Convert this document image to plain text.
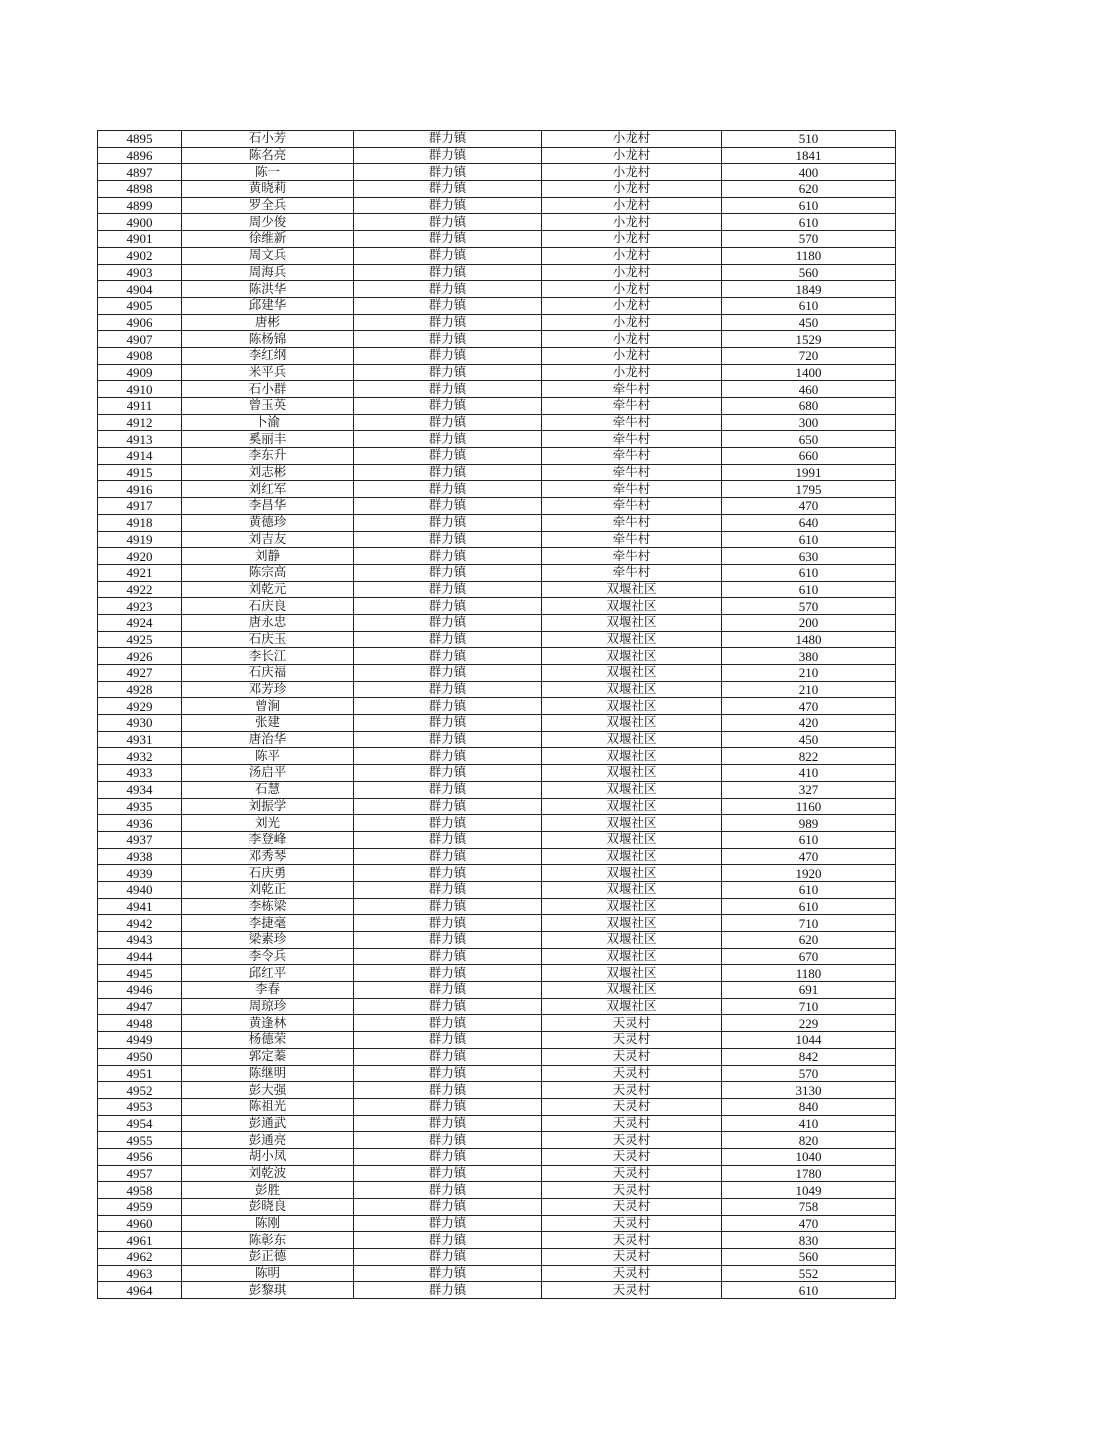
4895	石小芳	群力镇	小龙村	510
4896	陈名亮	群力镇	小龙村	1841
4897	陈一	群力镇	小龙村	400
4898	黄晓莉	群力镇	小龙村	620
4899	罗全兵	群力镇	小龙村	610
4900	周少俊	群力镇	小龙村	610
4901	徐维新	群力镇	小龙村	570
4902	周文兵	群力镇	小龙村	1180
4903	周海兵	群力镇	小龙村	560
4904	陈洪华	群力镇	小龙村	1849
4905	邱建华	群力镇	小龙村	610
4906	唐彬	群力镇	小龙村	450
4907	陈杨锦	群力镇	小龙村	1529
4908	李红纲	群力镇	小龙村	720
4909	米平兵	群力镇	小龙村	1400
4910	石小群	群力镇	牵牛村	460
4911	曾玉英	群力镇	牵牛村	680
4912	卜渝	群力镇	牵牛村	300
4913	奚丽丰	群力镇	牵牛村	650
4914	李东升	群力镇	牵牛村	660
4915	刘志彬	群力镇	牵牛村	1991
4916	刘红军	群力镇	牵牛村	1795
4917	李昌华	群力镇	牵牛村	470
4918	黄德珍	群力镇	牵牛村	640
4919	刘吉友	群力镇	牵牛村	610
4920	刘静	群力镇	牵牛村	630
4921	陈宗高	群力镇	牵牛村	610
4922	刘乾元	群力镇	双堰社区	610
4923	石庆良	群力镇	双堰社区	570
4924	唐永忠	群力镇	双堰社区	200
4925	石庆玉	群力镇	双堰社区	1480
4926	李长江	群力镇	双堰社区	380
4927	石庆福	群力镇	双堰社区	210
4928	邓芳珍	群力镇	双堰社区	210
4929	曾涧	群力镇	双堰社区	470
4930	张建	群力镇	双堰社区	420
4931	唐治华	群力镇	双堰社区	450
4932	陈平	群力镇	双堰社区	822
4933	汤启平	群力镇	双堰社区	410
4934	石慧	群力镇	双堰社区	327
4935	刘振学	群力镇	双堰社区	1160
4936	刘光	群力镇	双堰社区	989
4937	李登峰	群力镇	双堰社区	610
4938	邓秀琴	群力镇	双堰社区	470
4939	石庆勇	群力镇	双堰社区	1920
4940	刘乾正	群力镇	双堰社区	610
4941	李栋梁	群力镇	双堰社区	610
4942	李捷毫	群力镇	双堰社区	710
4943	梁素珍	群力镇	双堰社区	620
4944	李令兵	群力镇	双堰社区	670
4945	邱红平	群力镇	双堰社区	1180
4946	李春	群力镇	双堰社区	691
4947	周琼珍	群力镇	双堰社区	710
4948	黄逢林	群力镇	天灵村	229
4949	杨德荣	群力镇	天灵村	1044
4950	郭定蓁	群力镇	天灵村	842
4951	陈继明	群力镇	天灵村	570
4952	彭大强	群力镇	天灵村	3130
4953	陈祖光	群力镇	天灵村	840
4954	彭通武	群力镇	天灵村	410
4955	彭通亮	群力镇	天灵村	820
4956	胡小凤	群力镇	天灵村	1040
4957	刘乾波	群力镇	天灵村	1780
4958	彭胜	群力镇	天灵村	1049
4959	彭晓良	群力镇	天灵村	758
4960	陈刚	群力镇	天灵村	470
4961	陈彰东	群力镇	天灵村	830
4962	彭正德	群力镇	天灵村	560
4963	陈明	群力镇	天灵村	552
4964	彭黎琪	群力镇	天灵村	610
